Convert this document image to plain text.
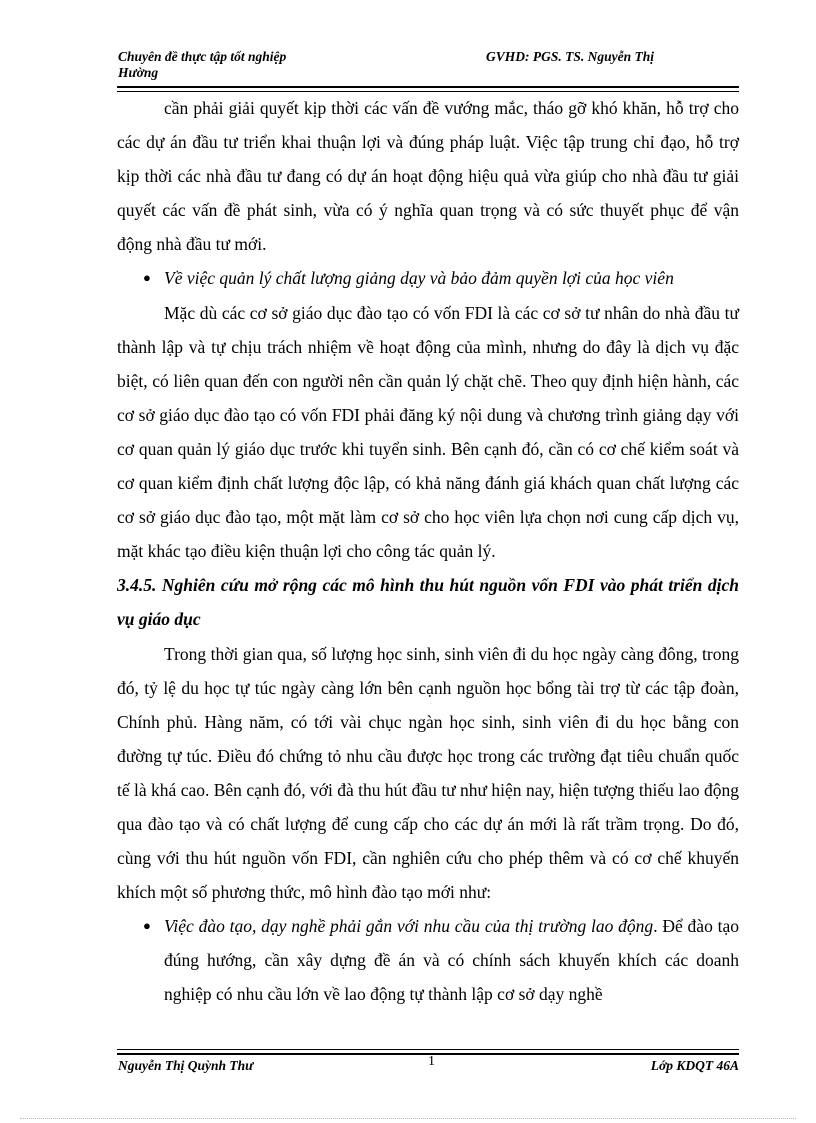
Chuyên đề thực tập tốt nghiệp
Hường
GVHD: PGS. TS. Nguyễn Thị

cần phải giải quyết kịp thời các vấn đề vướng mắc, tháo gỡ khó khăn, hỗ trợ cho các dự án đầu tư triển khai thuận lợi và đúng pháp luật. Việc tập trung chỉ đạo, hỗ trợ kịp thời các nhà đầu tư đang có dự án hoạt động hiệu quả vừa giúp cho nhà đầu tư giải quyết các vấn đề phát sinh, vừa có ý nghĩa quan trọng và có sức thuyết phục để vận động nhà đầu tư mới.

● Về việc quản lý chất lượng giảng dạy và bảo đảm quyền lợi của học viên

Mặc dù các cơ sở giáo dục đào tạo có vốn FDI là các cơ sở tư nhân do nhà đầu tư thành lập và tự chịu trách nhiệm về hoạt động của mình, nhưng do đây là dịch vụ đặc biệt, có liên quan đến con người nên cần quản lý chặt chẽ. Theo quy định hiện hành, các cơ sở giáo dục đào tạo có vốn FDI phải đăng ký nội dung và chương trình giảng dạy với cơ quan quản lý giáo dục trước khi tuyển sinh. Bên cạnh đó, cần có cơ chế kiểm soát và cơ quan kiểm định chất lượng độc lập, có khả năng đánh giá khách quan chất lượng các cơ sở giáo dục đào tạo, một mặt làm cơ sở cho học viên lựa chọn nơi cung cấp dịch vụ, mặt khác tạo điều kiện thuận lợi cho công tác quản lý.

3.4.5. Nghiên cứu mở rộng các mô hình thu hút nguồn vốn FDI vào phát triển dịch vụ giáo dục

Trong thời gian qua, số lượng học sinh, sinh viên đi du học ngày càng đông, trong đó, tỷ lệ du học tự túc ngày càng lớn bên cạnh nguồn học bổng tài trợ từ các tập đoàn, Chính phủ. Hàng năm, có tới vài chục ngàn học sinh, sinh viên đi du học bằng con đường tự túc. Điều đó chứng tỏ nhu cầu được học trong các trường đạt tiêu chuẩn quốc tế là khá cao. Bên cạnh đó, với đà thu hút đầu tư như hiện nay, hiện tượng thiếu lao động qua đào tạo và có chất lượng để cung cấp cho các dự án mới là rất trầm trọng. Do đó, cùng với thu hút nguồn vốn FDI, cần nghiên cứu cho phép thêm và có cơ chế khuyến khích một số phương thức, mô hình đào tạo mới như:

● Việc đào tạo, dạy nghề phải gắn với nhu cầu của thị trường lao động. Để đào tạo đúng hướng, cần xây dựng đề án và có chính sách khuyến khích các doanh nghiệp có nhu cầu lớn về lao động tự thành lập cơ sở dạy nghề
Nguyễn Thị Quỳnh Thư	1	Lớp KDQT 46A
